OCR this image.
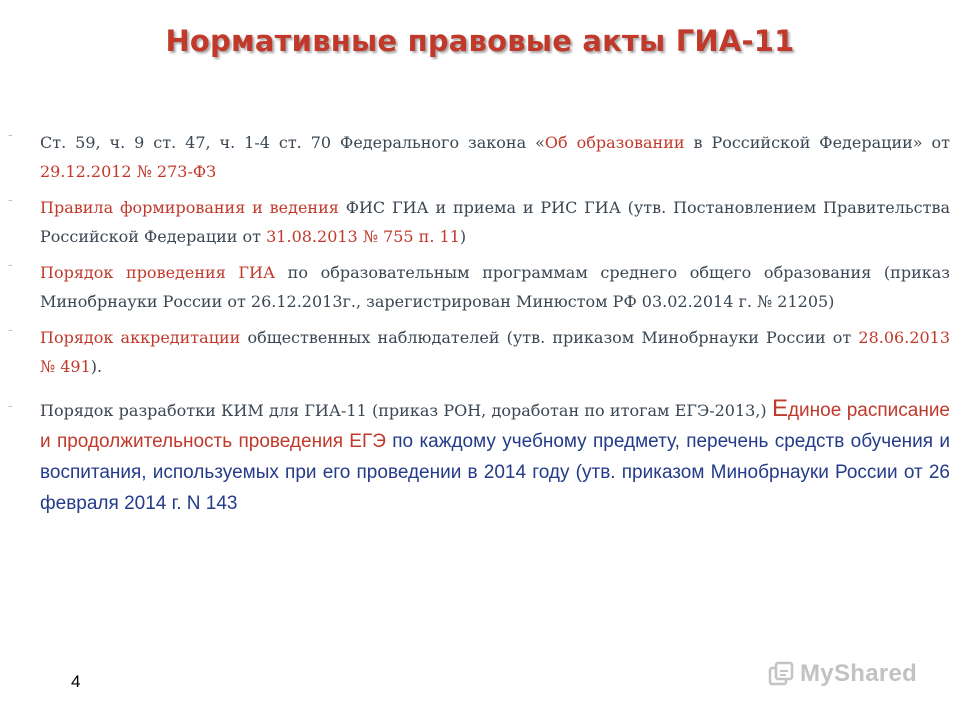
Нормативные правовые акты ГИА-11
- Ст. 59, ч. 9 ст. 47, ч. 1-4 ст. 70 Федерального закона «Об образовании в Российской Федерации» от 29.12.2012 № 273-ФЗ
- Правила формирования и ведения ФИС ГИА и приема и РИС ГИА (утв. Постановлением Правительства Российской Федерации от 31.08.2013 № 755 п. 11)
- Порядок проведения ГИА по образовательным программам среднего общего образования (приказ Минобрнауки России от 26.12.2013г., зарегистрирован Минюстом РФ 03.02.2014 г. № 21205)
- Порядок аккредитации общественных наблюдателей (утв. приказом Минобрнауки России от 28.06.2013 № 491).
- Порядок разработки КИМ для ГИА-11 (приказ РОН, доработан по итогам ЕГЭ-2013,) Единое расписание и продолжительность проведения ЕГЭ по каждому учебному предмету, перечень средств обучения и воспитания, используемых при его проведении в 2014 году (утв. приказом Минобрнауки России от 26 февраля 2014 г. N 143
4	MyShared
